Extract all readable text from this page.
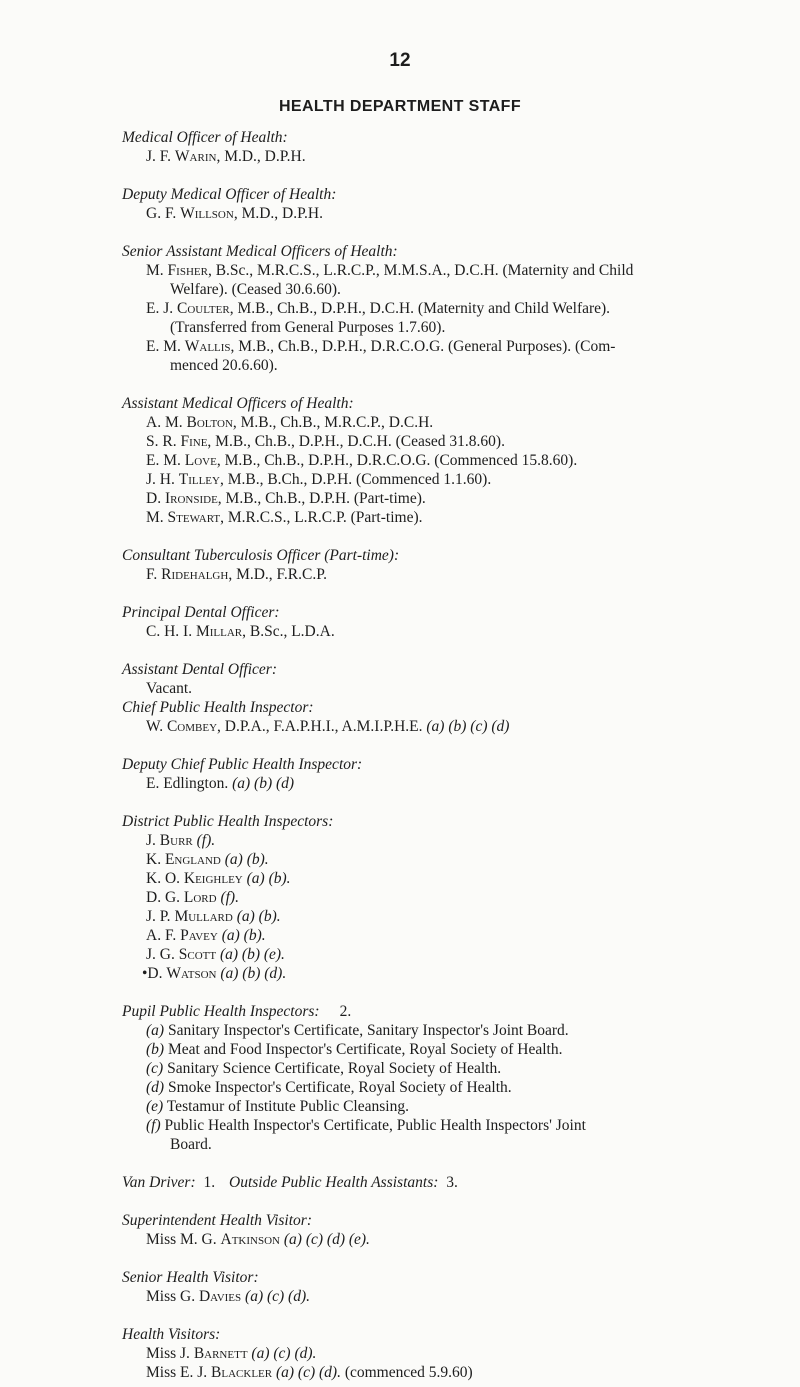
12
HEALTH DEPARTMENT STAFF
Medical Officer of Health:
J. F. Warin, M.D., D.P.H.
Deputy Medical Officer of Health:
G. F. Willson, M.D., D.P.H.
Senior Assistant Medical Officers of Health:
M. Fisher, B.Sc., M.R.C.S., L.R.C.P., M.M.S.A., D.C.H. (Maternity and Child
Welfare). (Ceased 30.6.60).
E. J. Coulter, M.B., Ch.B., D.P.H., D.C.H. (Maternity and Child Welfare).
(Transferred from General Purposes 1.7.60).
E. M. Wallis, M.B., Ch.B., D.P.H., D.R.C.O.G. (General Purposes). (Com-
menced 20.6.60).
Assistant Medical Officers of Health:
A. M. Bolton, M.B., Ch.B., M.R.C.P., D.C.H.
S. R. Fine, M.B., Ch.B., D.P.H., D.C.H. (Ceased 31.8.60).
E. M. Love, M.B., Ch.B., D.P.H., D.R.C.O.G. (Commenced 15.8.60).
J. H. Tilley, M.B., B.Ch., D.P.H. (Commenced 1.1.60).
D. Ironside, M.B., Ch.B., D.P.H. (Part-time).
M. Stewart, M.R.C.S., L.R.C.P. (Part-time).
Consultant Tuberculosis Officer (Part-time):
F. Ridehalgh, M.D., F.R.C.P.
Principal Dental Officer:
C. H. I. Millar, B.Sc., L.D.A.
Assistant Dental Officer:
Vacant.
Chief Public Health Inspector:
W. Combey, D.P.A., F.A.P.H.I., A.M.I.P.H.E. (a) (b) (c) (d)
Deputy Chief Public Health Inspector:
E. Edlington. (a) (b) (d)
District Public Health Inspectors:
J. Burr (f).
K. England (a) (b).
K. O. Keighley (a) (b).
D. G. Lord (f).
J. P. Mullard (a) (b).
A. F. Pavey (a) (b).
J. G. Scott (a) (b) (e).
•D. Watson (a) (b) (d).
Pupil Public Health Inspectors: 2.
(a) Sanitary Inspector's Certificate, Sanitary Inspector's Joint Board.
(b) Meat and Food Inspector's Certificate, Royal Society of Health.
(c) Sanitary Science Certificate, Royal Society of Health.
(d) Smoke Inspector's Certificate, Royal Society of Health.
(e) Testamur of Institute Public Cleansing.
(f) Public Health Inspector's Certificate, Public Health Inspectors' Joint
Board.
Van Driver: 1. Outside Public Health Assistants: 3.
Superintendent Health Visitor:
Miss M. G. Atkinson (a) (c) (d) (e).
Senior Health Visitor:
Miss G. Davies (a) (c) (d).
Health Visitors:
Miss J. Barnett (a) (c) (d).
Miss E. J. Blackler (a) (c) (d). (commenced 5.9.60)
